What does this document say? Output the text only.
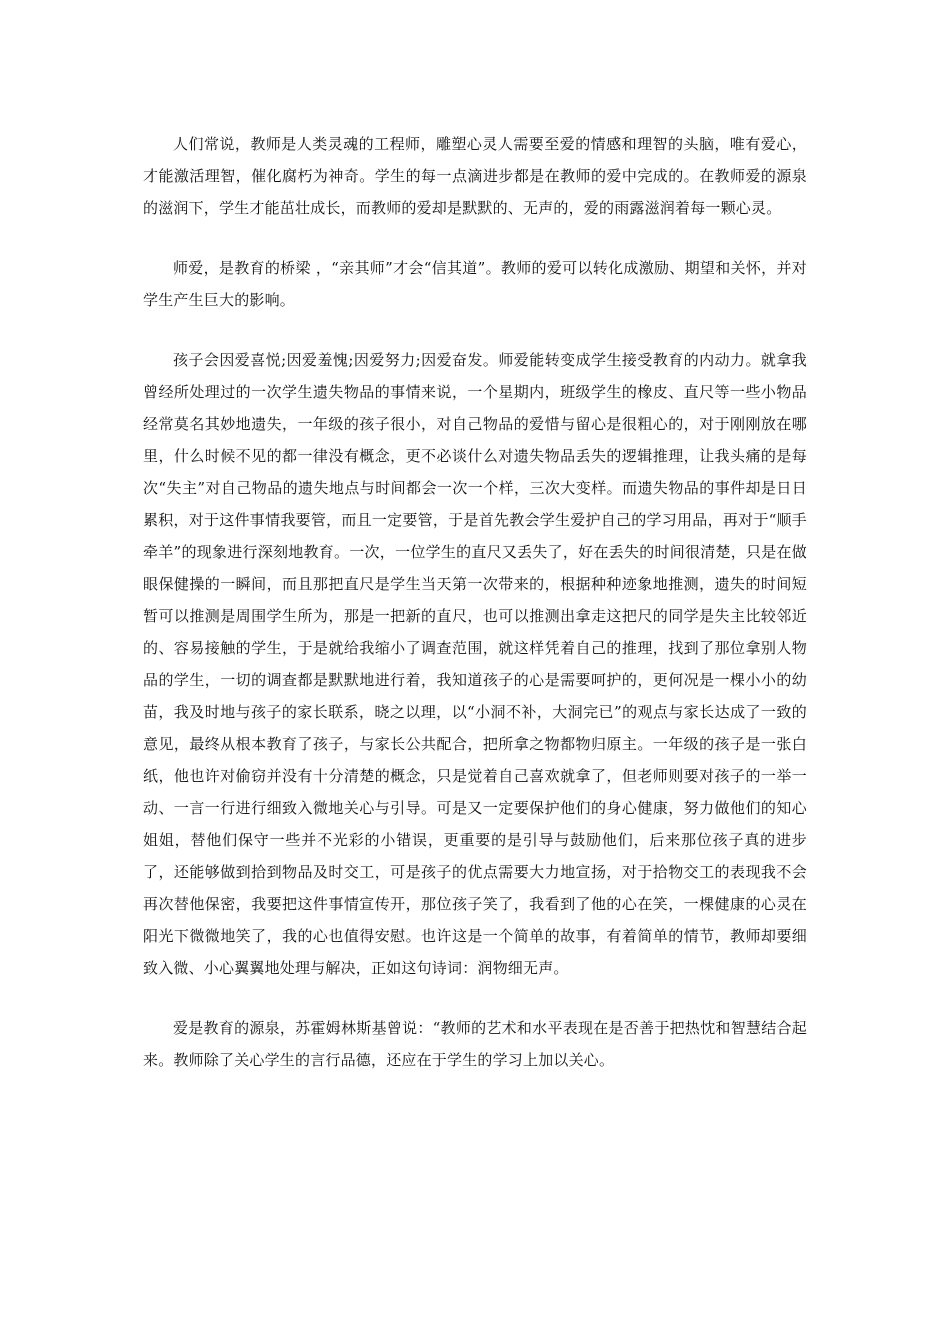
人们常说，教师是人类灵魂的工程师，雕塑心灵人需要至爱的情感和理智的头脑，唯有爱心，才能激活理智，催化腐朽为神奇。学生的每一点滴进步都是在教师的爱中完成的。在教师爱的源泉的滋润下，学生才能茁壮成长，而教师的爱却是默默的、无声的，爱的雨露滋润着每一颗心灵。

师爱，是教育的桥梁 ，“亲其师”才会“信其道”。教师的爱可以转化成激励、期望和关怀，并对学生产生巨大的影响。

孩子会因爱喜悦;因爱羞愧;因爱努力;因爱奋发。师爱能转变成学生接受教育的内动力。就拿我曾经所处理过的一次学生遗失物品的事情来说，一个星期内，班级学生的橡皮、直尺等一些小物品经常莫名其妙地遗失，一年级的孩子很小，对自己物品的爱惜与留心是很粗心的，对于刚刚放在哪里，什么时候不见的都一律没有概念，更不必谈什么对遗失物品丢失的逻辑推理，让我头痛的是每次“失主”对自己物品的遗失地点与时间都会一次一个样，三次大变样。而遗失物品的事件却是日日累积，对于这件事情我要管，而且一定要管，于是首先教会学生爱护自己的学习用品，再对于“顺手牵羊”的现象进行深刻地教育。一次，一位学生的直尺又丢失了，好在丢失的时间很清楚，只是在做眼保健操的一瞬间，而且那把直尺是学生当天第一次带来的，根据种种迹象地推测，遗失的时间短暂可以推测是周围学生所为，那是一把新的直尺，也可以推测出拿走这把尺的同学是失主比较邻近的、容易接触的学生，于是就给我缩小了调查范围，就这样凭着自己的推理，找到了那位拿别人物品的学生，一切的调查都是默默地进行着，我知道孩子的心是需要呵护的，更何况是一棵小小的幼苗，我及时地与孩子的家长联系，晓之以理，以“小洞不补，大洞完已”的观点与家长达成了一致的意见，最终从根本教育了孩子，与家长公共配合，把所拿之物都物归原主。一年级的孩子是一张白纸，他也许对偷窃并没有十分清楚的概念，只是觉着自己喜欢就拿了，但老师则要对孩子的一举一动、一言一行进行细致入微地关心与引导。可是又一定要保护他们的身心健康，努力做他们的知心姐姐，替他们保守一些并不光彩的小错误，更重要的是引导与鼓励他们，后来那位孩子真的进步了，还能够做到拾到物品及时交工，可是孩子的优点需要大力地宣扬，对于拾物交工的表现我不会再次替他保密，我要把这件事情宣传开，那位孩子笑了，我看到了他的心在笑，一棵健康的心灵在阳光下微微地笑了，我的心也值得安慰。也许这是一个简单的故事，有着简单的情节，教师却要细致入微、小心翼翼地处理与解决，正如这句诗词：润物细无声。

爱是教育的源泉，苏霍姆林斯基曾说：“教师的艺术和水平表现在是否善于把热忱和智慧结合起来。教师除了关心学生的言行品德，还应在于学生的学习上加以关心。
